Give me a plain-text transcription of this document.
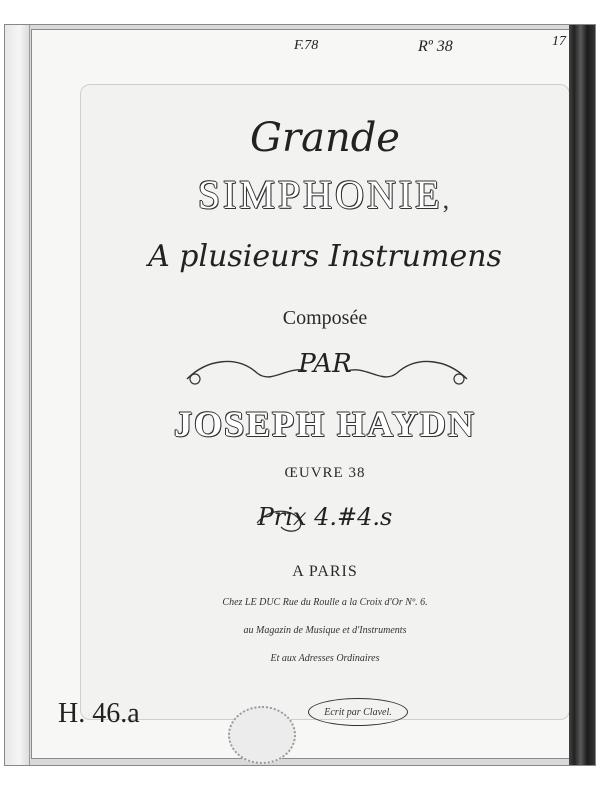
F.78	Rº 38	17
Grande
SIMPHONIE,
A plusieurs Instrumens
Composée
PAR
JOSEPH HAYDN
ŒUVRE 38
Prix 4.#4.s
A PARIS
Chez LE DUC Rue du Roulle a la Croix d'Or Nº. 6.
au Magazin de Musique et d'Instruments
Et aux Adresses Ordinaires
Ecrit par Clavel.
H. 46.a
